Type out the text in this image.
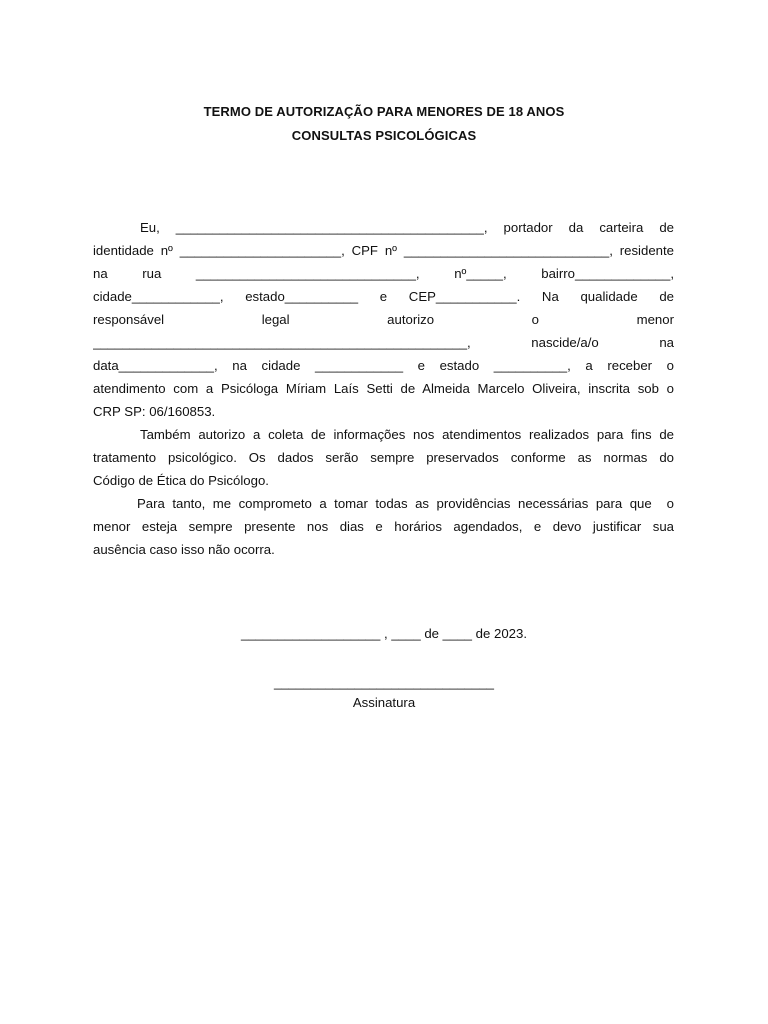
TERMO DE AUTORIZAÇÃO PARA MENORES DE 18 ANOS
CONSULTAS PSICOLÓGICAS
Eu, __________________________________________, portador da carteira de
identidade nº ______________________, CPF nº ____________________________, residente
na rua ______________________________, nº_____, bairro_____________,
cidade____________, estado__________ e CEP___________. Na qualidade de
responsável legal autorizo o menor
___________________________________________________, nascide/a/o na
data_____________, na cidade ____________ e estado __________, a receber o
atendimento com a Psicóloga Míriam Laís Setti de Almeida Marcelo Oliveira, inscrita sob o
CRP SP: 06/160853.
Também autorizo a coleta de informações nos atendimentos realizados para fins de
tratamento psicológico. Os dados serão sempre preservados conforme as normas do
Código de Ética do Psicólogo.
Para tanto, me comprometo a tomar todas as providências necessárias para que  o
menor esteja sempre presente nos dias e horários agendados, e devo justificar sua
ausência caso isso não ocorra.
___________________ , ____ de ____ de 2023.
______________________________
Assinatura
